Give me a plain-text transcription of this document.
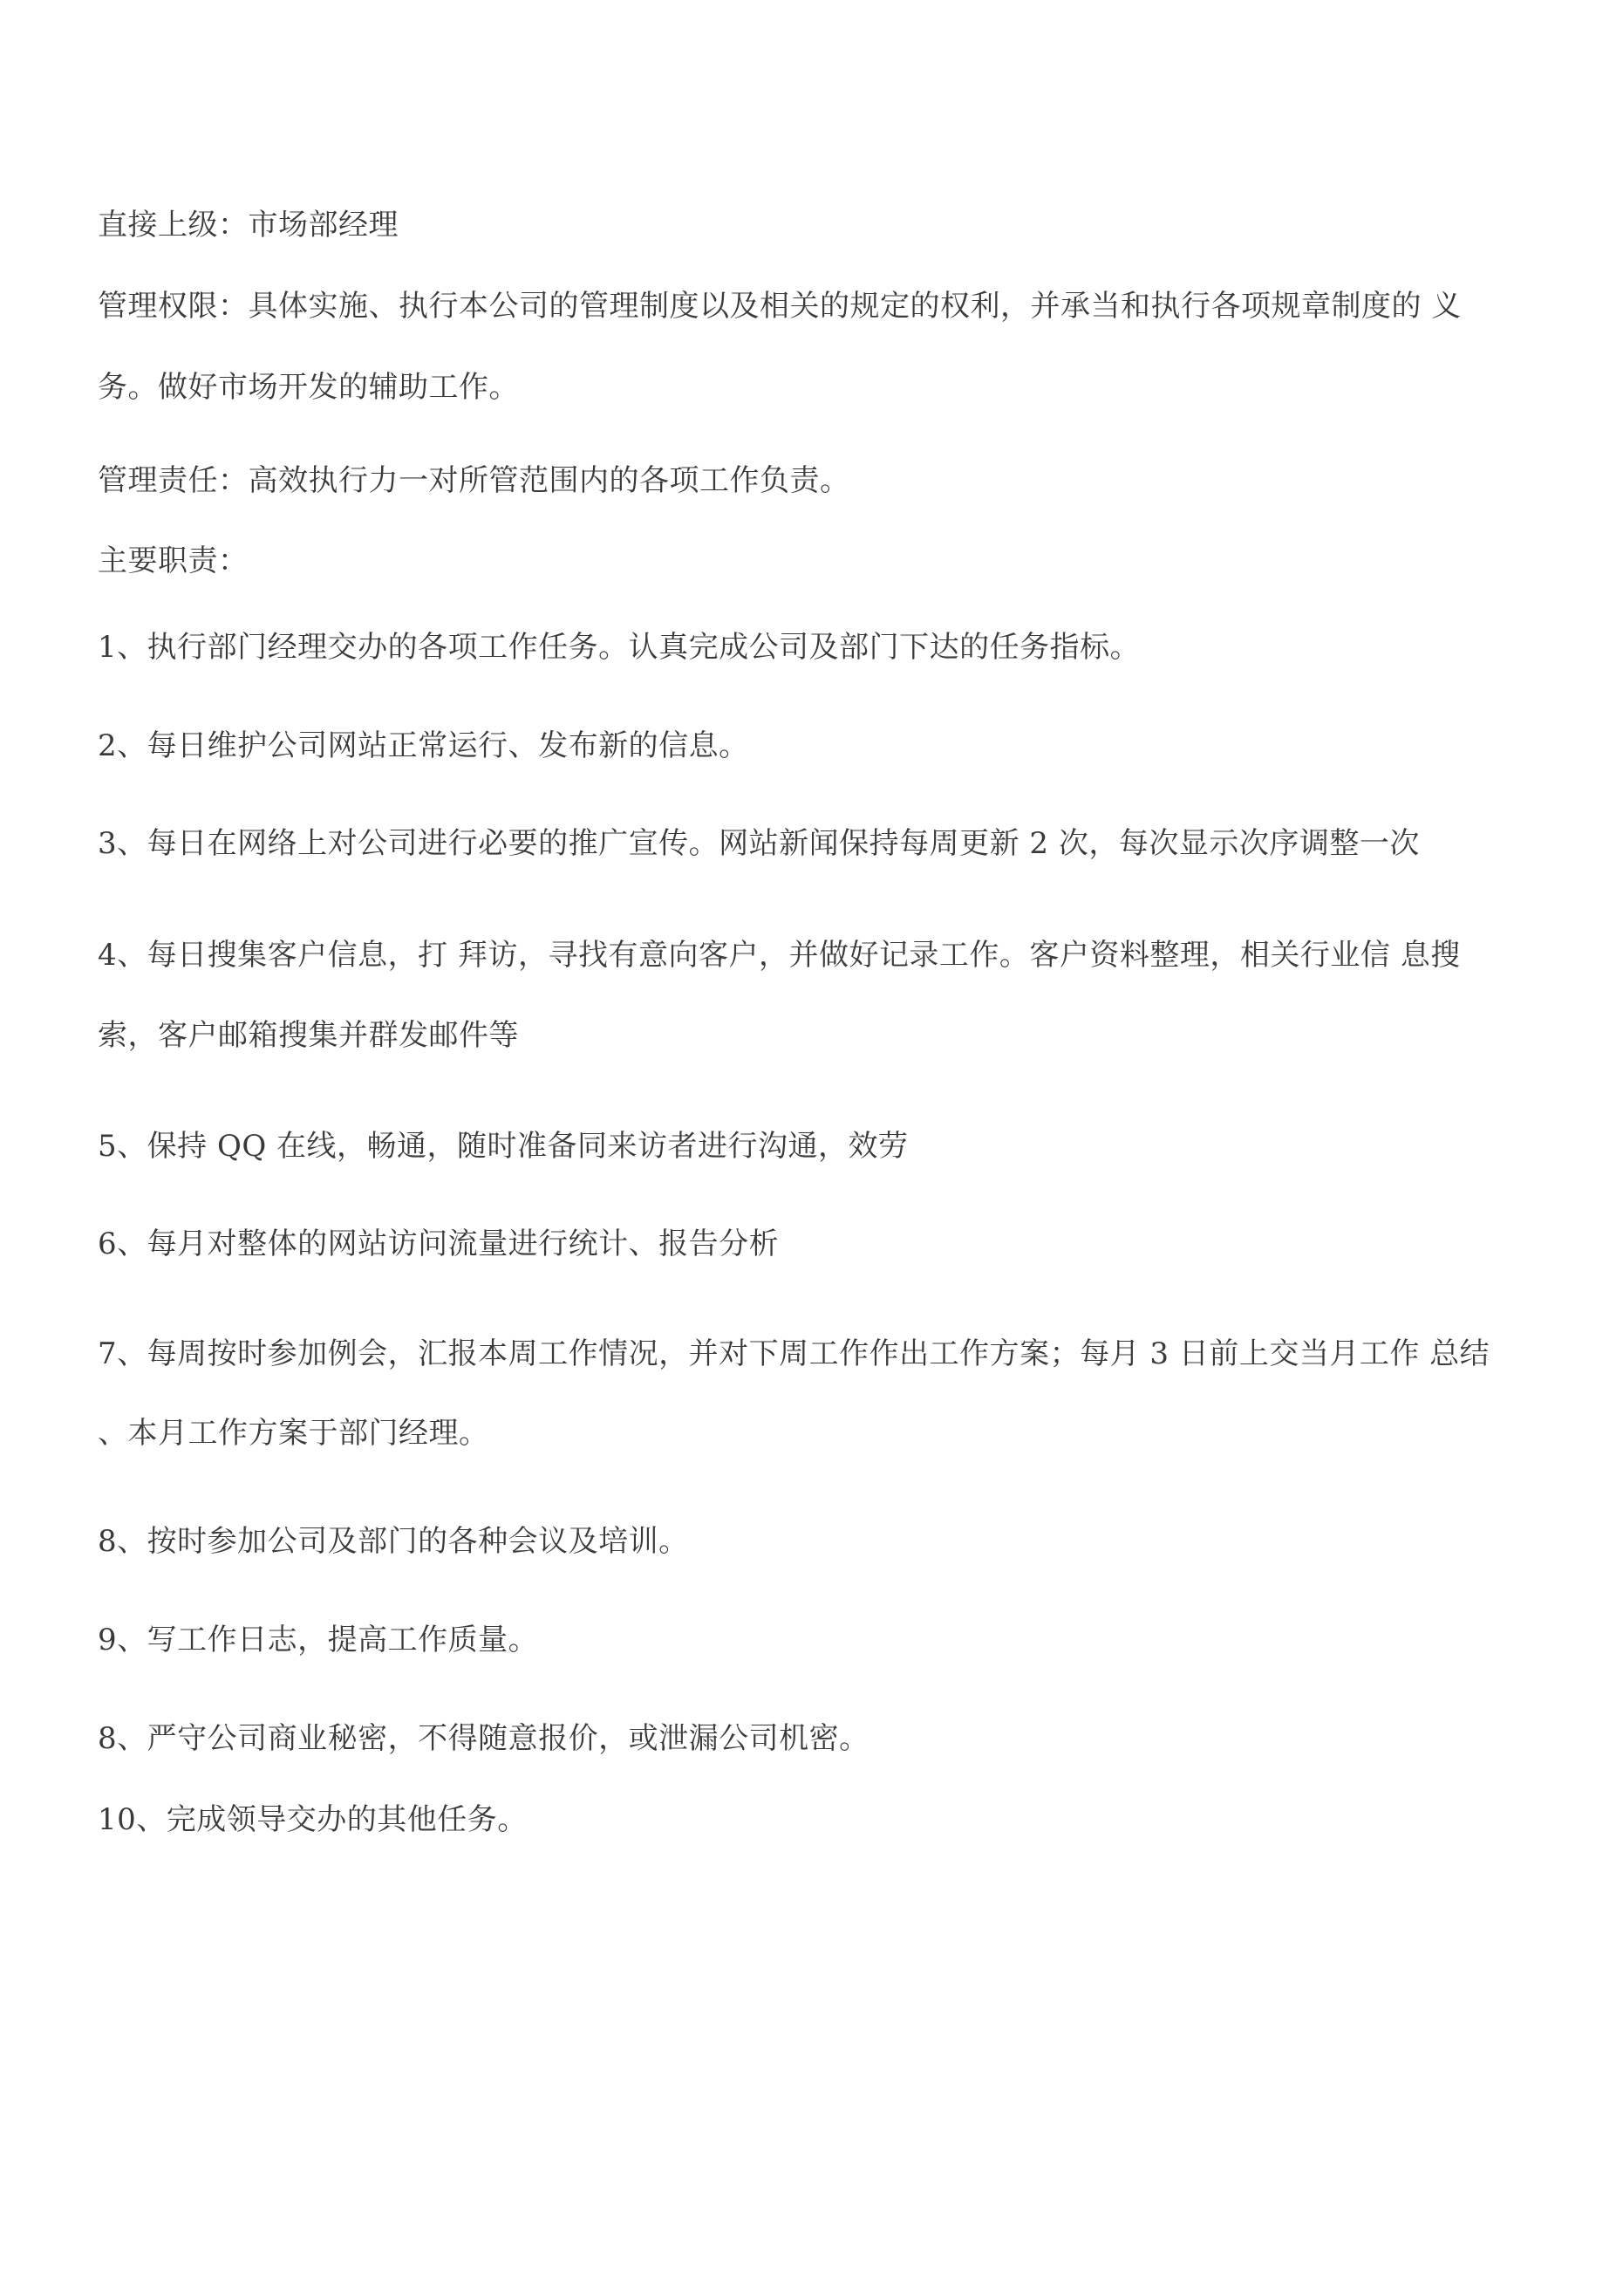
直接上级：市场部经理
管理权限：具体实施、执行本公司的管理制度以及相关的规定的权利，并承当和执行各项规章制度的 义
务。做好市场开发的辅助工作。
管理责任：高效执行力一对所管范围内的各项工作负责。
主要职责：
1、执行部门经理交办的各项工作任务。认真完成公司及部门下达的任务指标。
2、每日维护公司网站正常运行、发布新的信息。
3、每日在网络上对公司进行必要的推广宣传。网站新闻保持每周更新 2 次，每次显示次序调整一次
4、每日搜集客户信息，打 拜访，寻找有意向客户，并做好记录工作。客户资料整理，相关行业信 息搜
索，客户邮箱搜集并群发邮件等
5、保持 QQ 在线，畅通，随时准备同来访者进行沟通，效劳
6、每月对整体的网站访问流量进行统计、报告分析
7、每周按时参加例会，汇报本周工作情况，并对下周工作作出工作方案；每月 3 日前上交当月工作 总结
、本月工作方案于部门经理。
8、按时参加公司及部门的各种会议及培训。
9、写工作日志，提高工作质量。
8、严守公司商业秘密，不得随意报价，或泄漏公司机密。
10、完成领导交办的其他任务。
